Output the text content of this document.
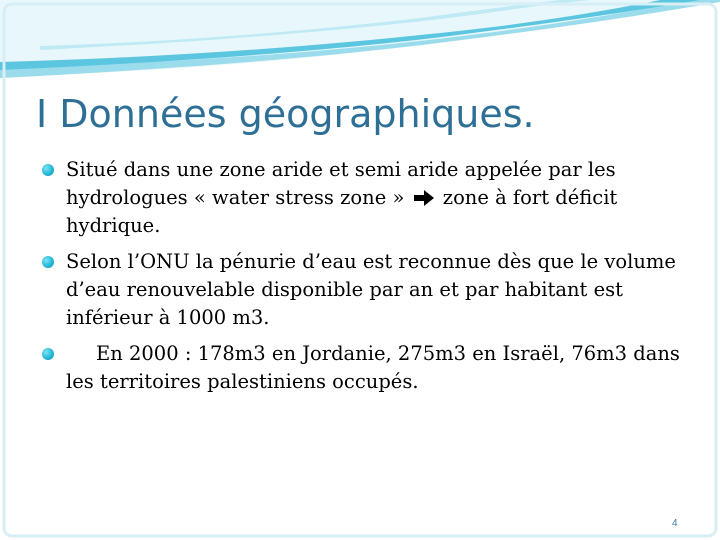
I Données géographiques.
Situé dans une zone aride et semi aride appelée par les hydrologues « water stress zone »  zone à fort déficit hydrique.
Selon l’ONU la pénurie d’eau est reconnue dès que le volume d’eau renouvelable disponible par an et par habitant est inférieur à 1000 m3.
En 2000 : 178m3 en Jordanie, 275m3 en Israël, 76m3 dans les territoires palestiniens occupés.
4
